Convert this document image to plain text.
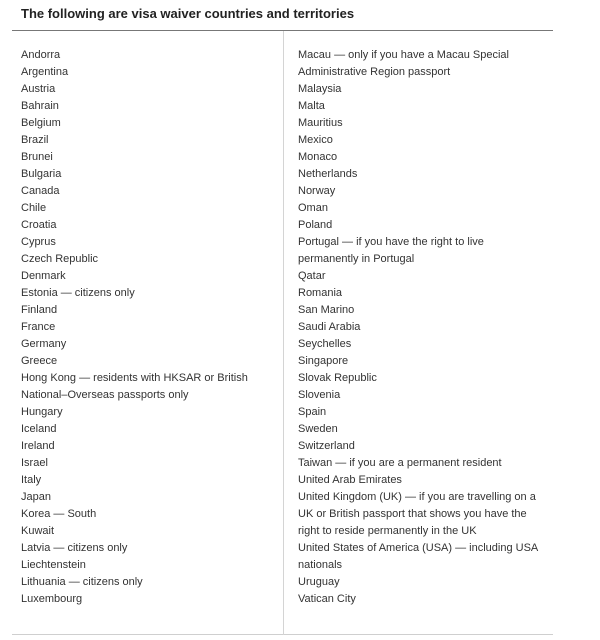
The following are visa waiver countries and territories
Andorra
Argentina
Austria
Bahrain
Belgium
Brazil
Brunei
Bulgaria
Canada
Chile
Croatia
Cyprus
Czech Republic
Denmark
Estonia — citizens only
Finland
France
Germany
Greece
Hong Kong — residents with HKSAR or British
National–Overseas passports only
Hungary
Iceland
Ireland
Israel
Italy
Japan
Korea — South
Kuwait
Latvia — citizens only
Liechtenstein
Lithuania — citizens only
Luxembourg
Macau — only if you have a Macau Special
Administrative Region passport
Malaysia
Malta
Mauritius
Mexico
Monaco
Netherlands
Norway
Oman
Poland
Portugal — if you have the right to live
permanently in Portugal
Qatar
Romania
San Marino
Saudi Arabia
Seychelles
Singapore
Slovak Republic
Slovenia
Spain
Sweden
Switzerland
Taiwan — if you are a permanent resident
United Arab Emirates
United Kingdom (UK) — if you are travelling on a
UK or British passport that shows you have the
right to reside permanently in the UK
United States of America (USA) — including USA
nationals
Uruguay
Vatican City
